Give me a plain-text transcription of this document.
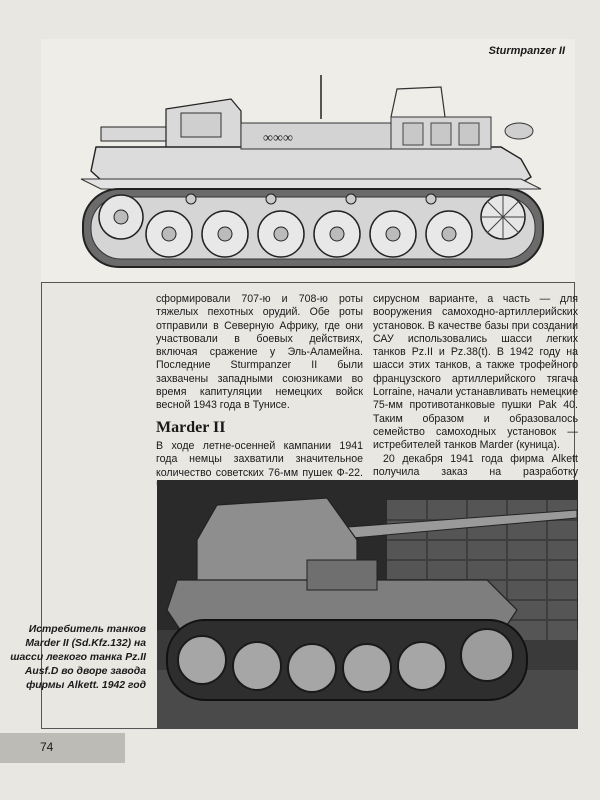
Sturmpanzer II
∞∞∞

сформировали 707-ю и 708-ю роты тяжелых пехотных орудий. Обе роты отправили в Северную Африку, где они участвовали в боевых действиях, включая сражение у Эль-Аламейна. Последние Sturmpanzer II были захвачены западными союзниками во время капитуляции немецких войск весной 1943 года в Тунисе.

Marder II

В ходе летне-осенней кампании 1941 года немцы захватили значительное количество советских 76-мм пушек Ф-22.

сирусном варианте, а часть — для вооружения самоходно-артиллерийских установок. В качестве базы при создании САУ использовались шасси легких танков Pz.II и Pz.38(t). В 1942 году на шасси этих танков, а также трофейного французского артиллерийского тягача Lorraine, начали устанавливать немецкие 75-мм противотанковые пушки Pak 40. Таким образом и образовалось семейство самоходных установок — истребителей танков Marder (куница).

20 декабря 1941 года фирма Alkett получила заказ на разработку

Истребитель танков Marder II (Sd.Kfz.132) на шасси легкого танка Pz.II Ausf.D во дворе завода фирмы Alkett. 1942 год
74
